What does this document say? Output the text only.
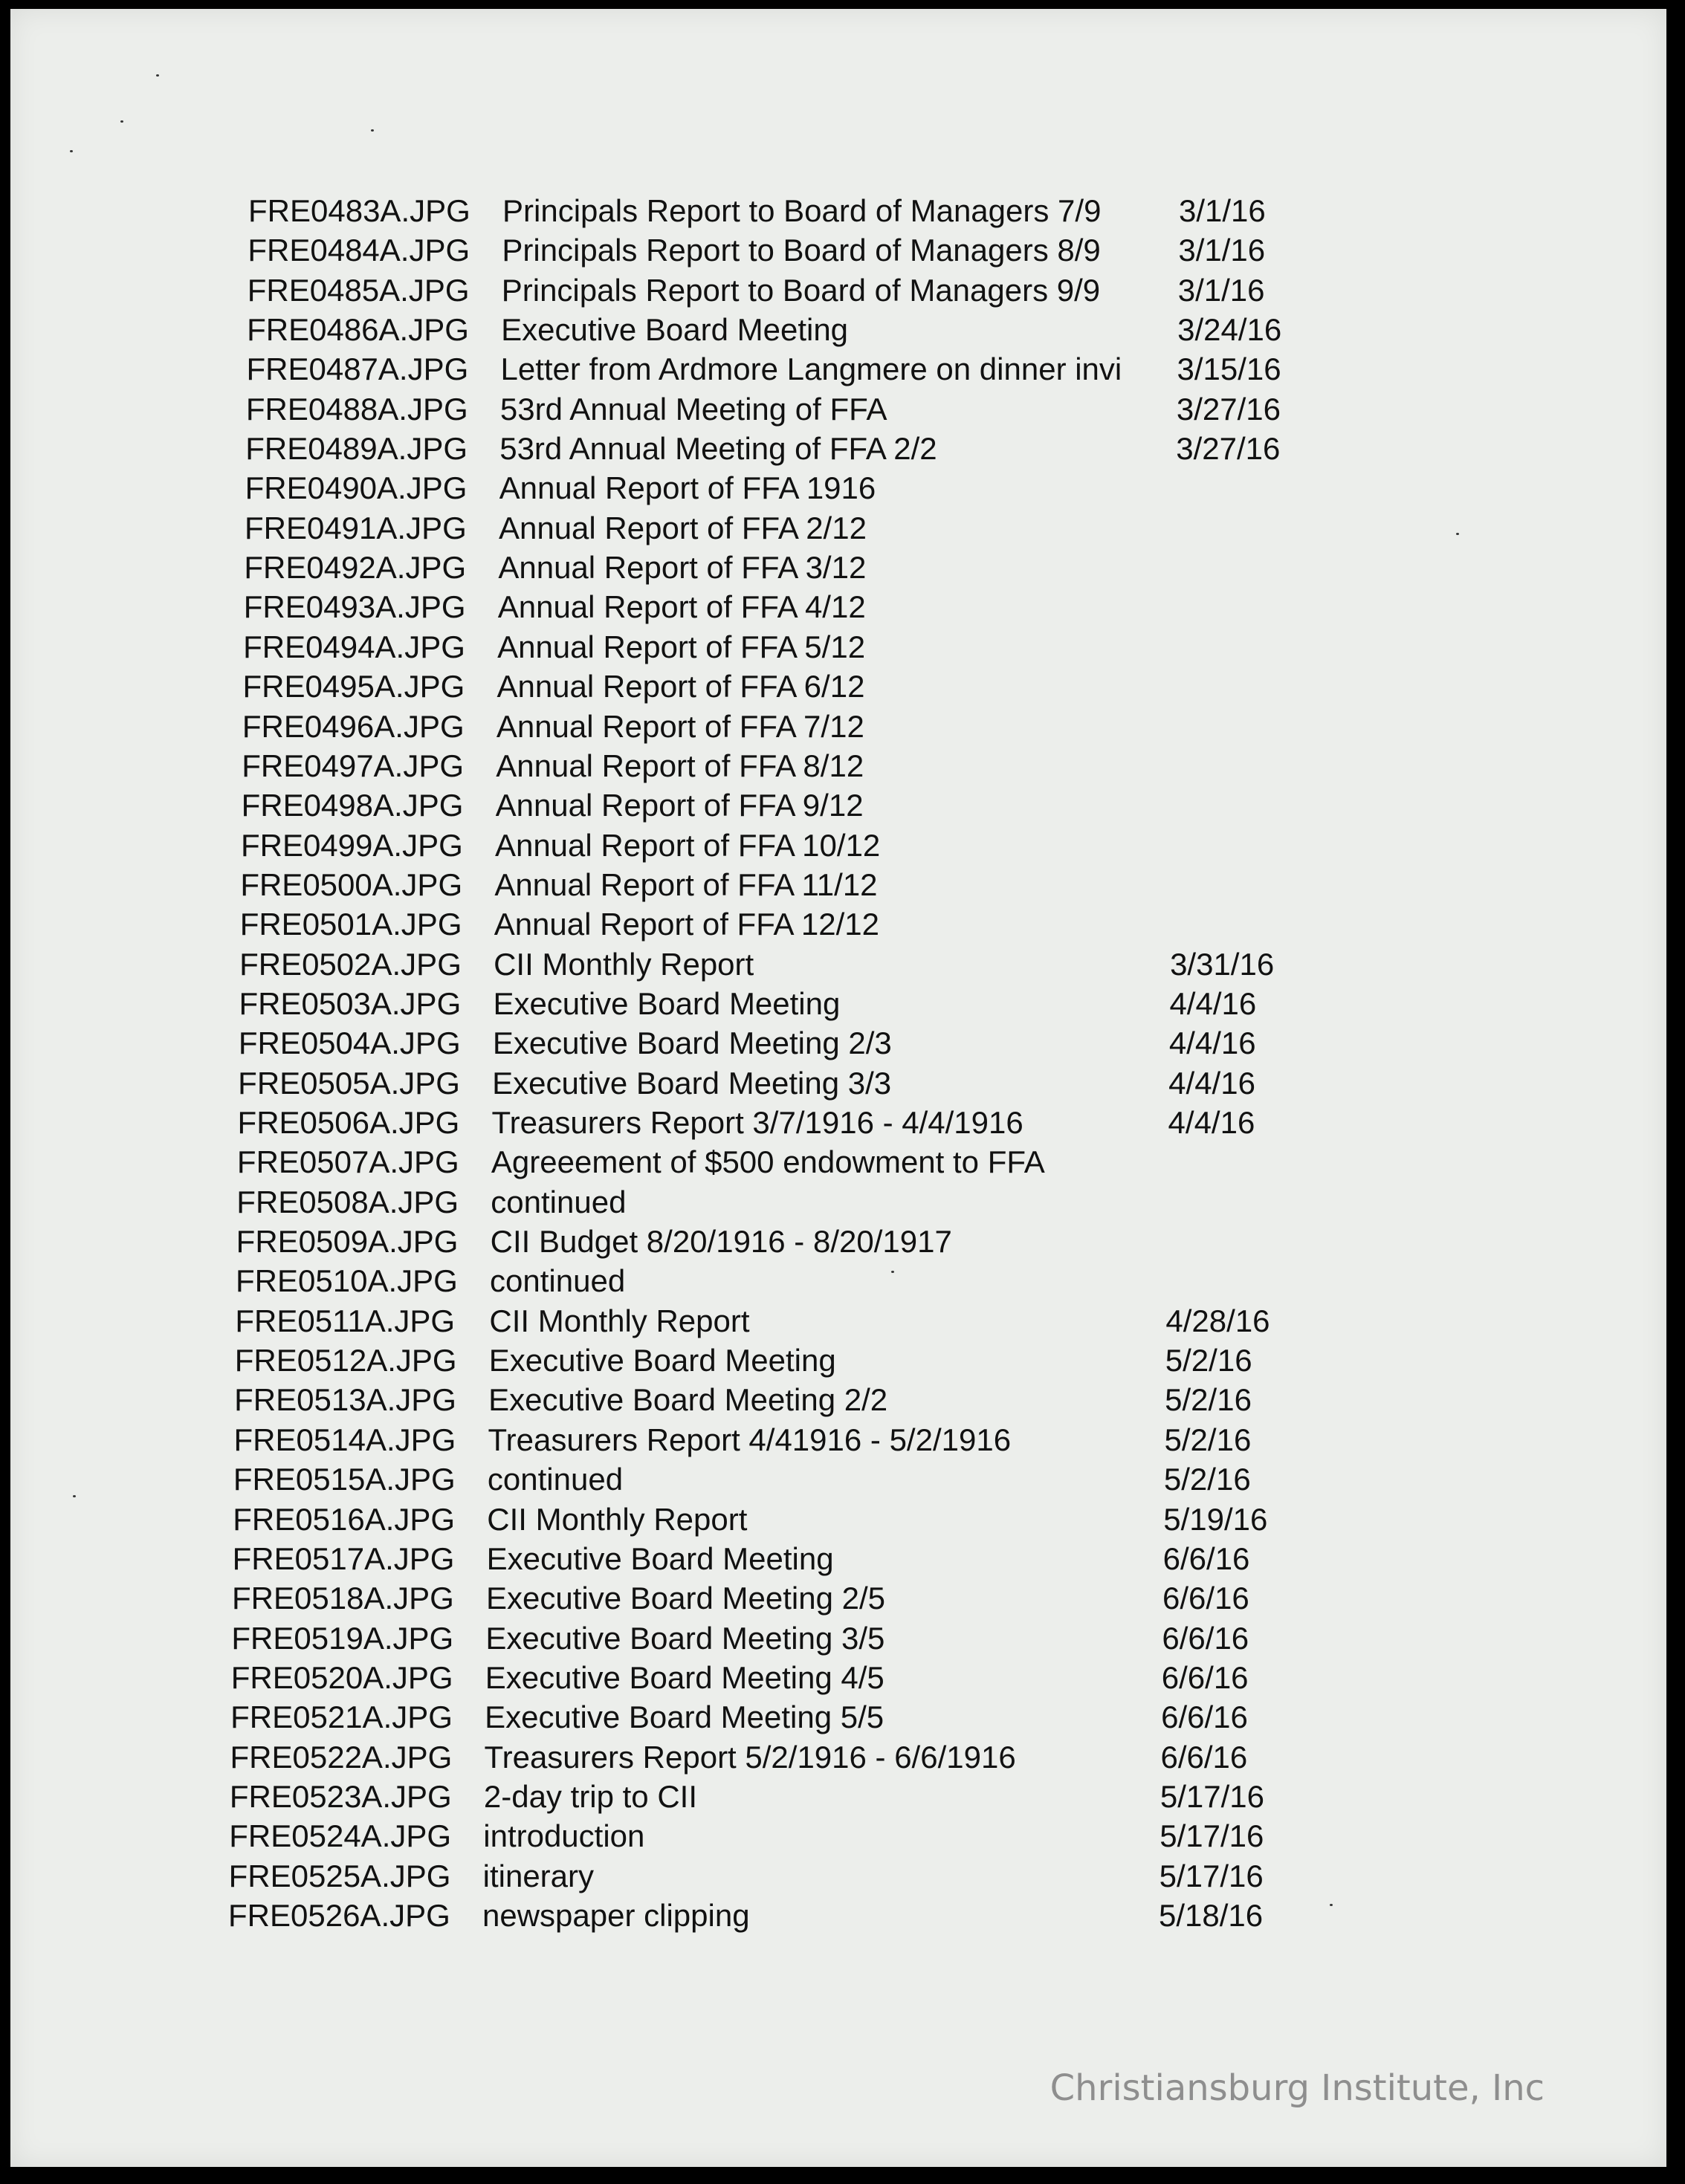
FRE0483A.JPG Principals Report to Board of Managers 7/9	3/1/16
FRE0484A.JPG Principals Report to Board of Managers 8/9	3/1/16
FRE0485A.JPG Principals Report to Board of Managers 9/9	3/1/16
FRE0486A.JPG Executive Board Meeting	3/24/16
FRE0487A.JPG Letter from Ardmore Langmere on dinner invi	3/15/16
FRE0488A.JPG 53rd Annual Meeting of FFA	3/27/16
FRE0489A.JPG 53rd Annual Meeting of FFA 2/2	3/27/16
FRE0490A.JPG Annual Report of FFA 1916
FRE0491A.JPG Annual Report of FFA 2/12
FRE0492A.JPG Annual Report of FFA 3/12
FRE0493A.JPG Annual Report of FFA 4/12
FRE0494A.JPG Annual Report of FFA 5/12
FRE0495A.JPG Annual Report of FFA 6/12
FRE0496A.JPG Annual Report of FFA 7/12
FRE0497A.JPG Annual Report of FFA 8/12
FRE0498A.JPG Annual Report of FFA 9/12
FRE0499A.JPG Annual Report of FFA 10/12
FRE0500A.JPG Annual Report of FFA 11/12
FRE0501A.JPG Annual Report of FFA 12/12
FRE0502A.JPG CII Monthly Report	3/31/16
FRE0503A.JPG Executive Board Meeting	4/4/16
FRE0504A.JPG Executive Board Meeting 2/3	4/4/16
FRE0505A.JPG Executive Board Meeting 3/3	4/4/16
FRE0506A.JPG Treasurers Report 3/7/1916 - 4/4/1916	4/4/16
FRE0507A.JPG Agreeement of $500 endowment to FFA
FRE0508A.JPG continued
FRE0509A.JPG CII Budget 8/20/1916 - 8/20/1917
FRE0510A.JPG continued
FRE0511A.JPG CII Monthly Report	4/28/16
FRE0512A.JPG Executive Board Meeting	5/2/16
FRE0513A.JPG Executive Board Meeting 2/2	5/2/16
FRE0514A.JPG Treasurers Report 4/41916 - 5/2/1916	5/2/16
FRE0515A.JPG continued	5/2/16
FRE0516A.JPG CII Monthly Report	5/19/16
FRE0517A.JPG Executive Board Meeting	6/6/16
FRE0518A.JPG Executive Board Meeting 2/5	6/6/16
FRE0519A.JPG Executive Board Meeting 3/5	6/6/16
FRE0520A.JPG Executive Board Meeting 4/5	6/6/16
FRE0521A.JPG Executive Board Meeting 5/5	6/6/16
FRE0522A.JPG Treasurers Report 5/2/1916 - 6/6/1916	6/6/16
FRE0523A.JPG 2-day trip to CII	5/17/16
FRE0524A.JPG introduction	5/17/16
FRE0525A.JPG itinerary	5/17/16
FRE0526A.JPG newspaper clipping	5/18/16
Christiansburg Institute, Inc
